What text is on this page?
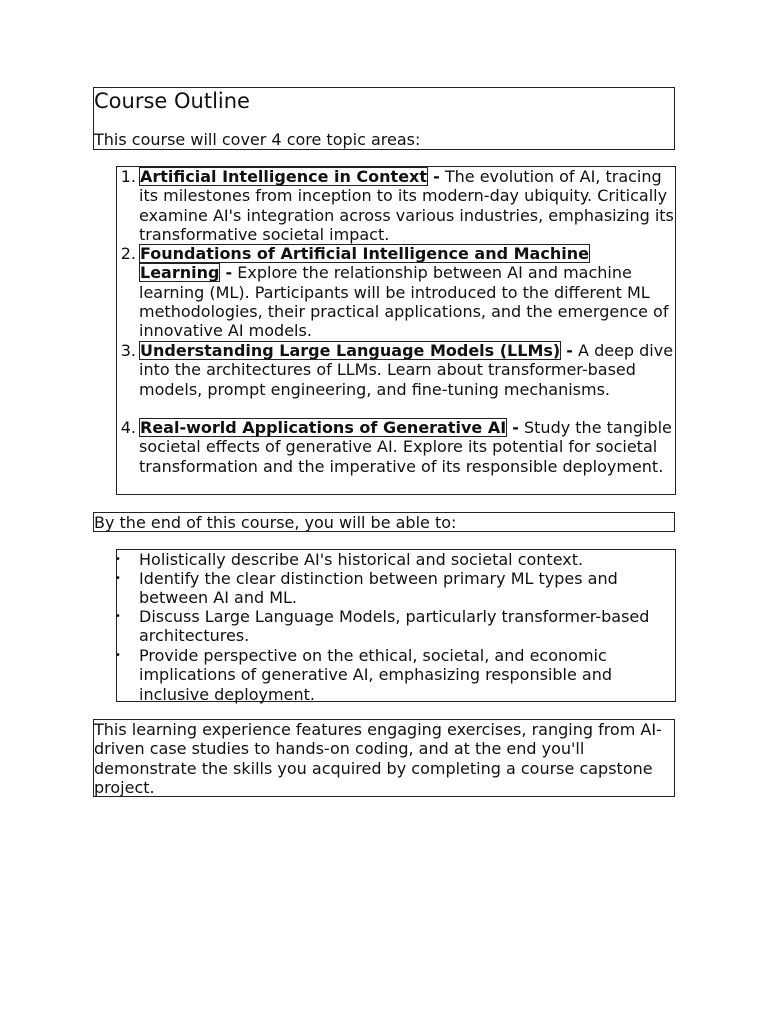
Course Outline

This course will cover 4 core topic areas:

1. Artificial Intelligence in Context - The evolution of AI, tracing its milestones from inception to its modern-day ubiquity. Critically examine AI's integration across various industries, emphasizing its transformative societal impact.
2. Foundations of Artificial Intelligence and Machine
Learning - Explore the relationship between AI and machine learning (ML). Participants will be introduced to the different ML methodologies, their practical applications, and the emergence of innovative AI models.
3. Understanding Large Language Models (LLMs) - A deep dive into the architectures of LLMs. Learn about transformer-based models, prompt engineering, and fine-tuning mechanisms.
4. Real-world Applications of Generative AI - Study the tangible societal effects of generative AI. Explore its potential for societal transformation and the imperative of its responsible deployment.

By the end of this course, you will be able to:

• Holistically describe AI's historical and societal context.
• Identify the clear distinction between primary ML types and between AI and ML.
• Discuss Large Language Models, particularly transformer-based architectures.
• Provide perspective on the ethical, societal, and economic implications of generative AI, emphasizing responsible and inclusive deployment.

This learning experience features engaging exercises, ranging from AI-driven case studies to hands-on coding, and at the end you'll demonstrate the skills you acquired by completing a course capstone project.
